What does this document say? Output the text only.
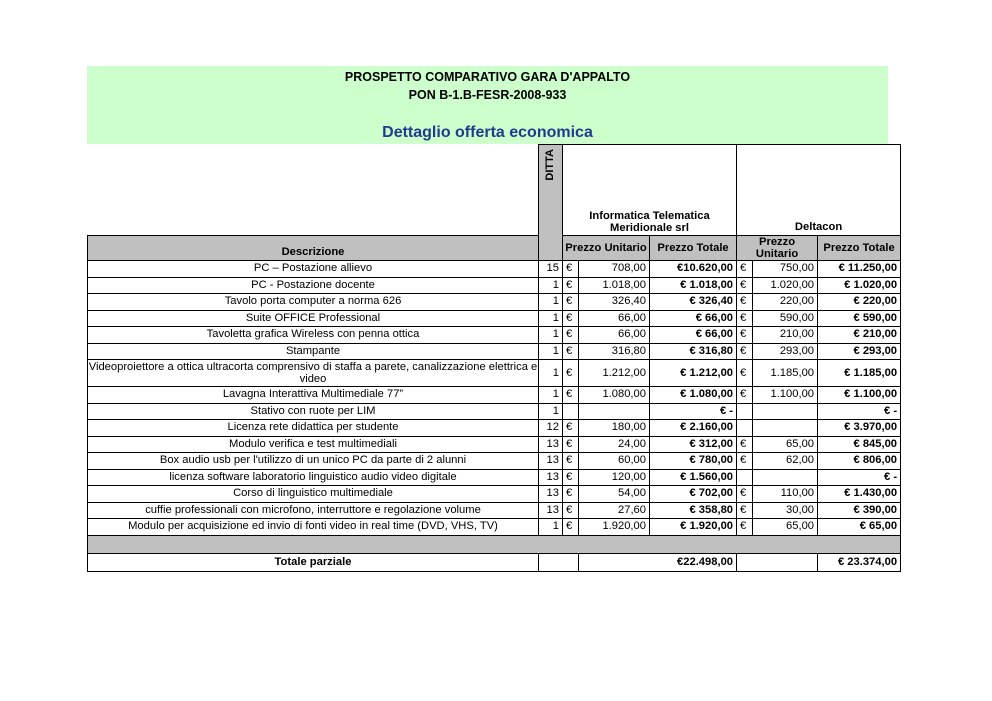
PROSPETTO COMPARATIVO GARA D'APPALTO
PON B-1.B-FESR-2008-933
Dettaglio offerta economica
	DITTA	Informatica Telematica Meridionale srl			Deltacon		

Descrizione		Prezzo Unitario		Prezzo Totale	Prezzo Unitario		Prezzo Totale

PC – Postazione allievo	15	€	708,00	€10.620,00	€	750,00	€ 11.250,00
PC - Postazione docente	1	€	1.018,00	€ 1.018,00	€	1.020,00	€ 1.020,00
Tavolo porta computer a norma 626	1	€	326,40	€ 326,40	€	220,00	€ 220,00
Suite OFFICE Professional	1	€	66,00	€ 66,00	€	590,00	€ 590,00
Tavoletta grafica Wireless con penna ottica	1	€	66,00	€ 66,00	€	210,00	€ 210,00
Stampante	1	€	316,80	€ 316,80	€	293,00	€ 293,00
Videoproiettore a ottica ultracorta comprensivo di staffa a parete, canalizzazione elettrica e video	1	€	1.212,00	€ 1.212,00	€	1.185,00	€ 1.185,00
Lavagna Interattiva Multimediale 77”	1	€	1.080,00	€ 1.080,00	€	1.100,00	€ 1.100,00
Stativo con ruote per LIM	1			€ -			€ -
Licenza rete didattica per studente	12	€	180,00	€ 2.160,00			€ 3.970,00
Modulo verifica e test multimediali	13	€	24,00	€ 312,00	€	65,00	€ 845,00
Box audio usb per l'utilizzo di un unico PC da parte di 2 alunni	13	€	60,00	€ 780,00	€	62,00	€ 806,00
licenza software laboratorio linguistico audio video digitale	13	€	120,00	€ 1.560,00			€ -
Corso di linguistico multimediale	13	€	54,00	€ 702,00	€	110,00	€ 1.430,00
cuffie professionali con microfono, interruttore e regolazione volume	13	€	27,60	€ 358,80	€	30,00	€ 390,00
Modulo per acquisizione ed invio di fonti video in real time (DVD, VHS, TV)	1	€	1.920,00	€ 1.920,00	€	65,00	€ 65,00

Totale parziale			€22.498,00				€ 23.374,00
